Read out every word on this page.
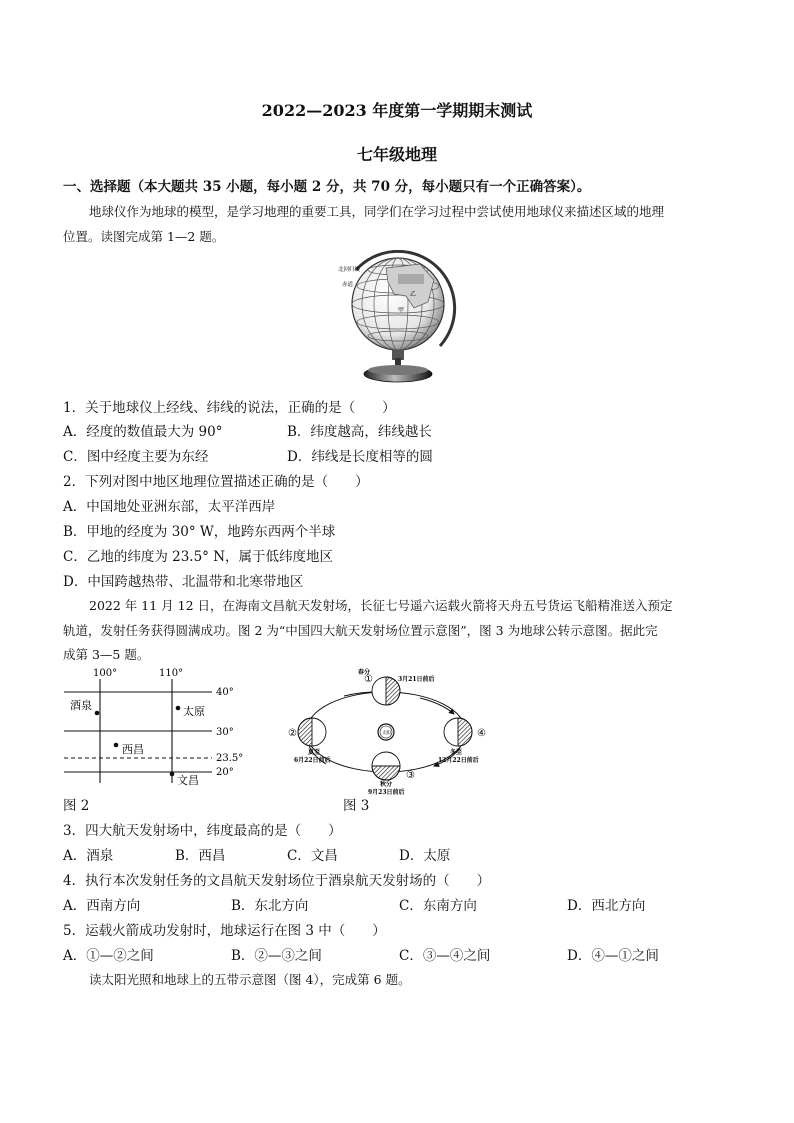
2022—2023 年度第一学期期末测试
七年级地理
一、选择题（本大题共 35 小题，每小题 2 分，共 70 分，每小题只有一个正确答案）。
地球仪作为地球的模型，是学习地理的重要工具，同学们在学习过程中尝试使用地球仪来描述区域的地理
位置。读图完成第 1—2 题。
北回归线
赤道
乙
甲
1．关于地球仪上经线、纬线的说法，正确的是（　　）
A．经度的数值最大为 90°	B．纬度越高，纬线越长
C．图中经度主要为东经	D．纬线是长度相等的圆
2．下列对图中地区地理位置描述正确的是（　　）
A．中国地处亚洲东部，太平洋西岸
B．甲地的经度为 30° W，地跨东西两个半球
C．乙地的纬度为 23.5° N，属于低纬度地区
D．中国跨越热带、北温带和北寒带地区
2022 年 11 月 12 日，在海南文昌航天发射场，长征七号遥六运载火箭将天舟五号货运飞船精准送入预定
轨道，发射任务获得圆满成功。图 2 为“中国四大航天发射场位置示意图”，图 3 为地球公转示意图。据此完
成第 3—5 题。
100°	110°
40°
30°
23.5°
20°
酒泉	太原
西昌
文昌
①
②
③
④
春分
3月21日前后
夏至
6月22日前后
秋分
9月23日前后
冬至
12月22日前后
太阳
图 2	图 3
3．四大航天发射场中，纬度最高的是（　　）
A．酒泉	B．西昌	C．文昌	D．太原
4．执行本次发射任务的文昌航天发射场位于酒泉航天发射场的（　　）
A．西南方向	B．东北方向	C．东南方向	D．西北方向
5．运载火箭成功发射时，地球运行在图 3 中（　　）
A．①—②之间	B．②—③之间	C．③—④之间	D．④—①之间
读太阳光照和地球上的五带示意图（图 4），完成第 6 题。
